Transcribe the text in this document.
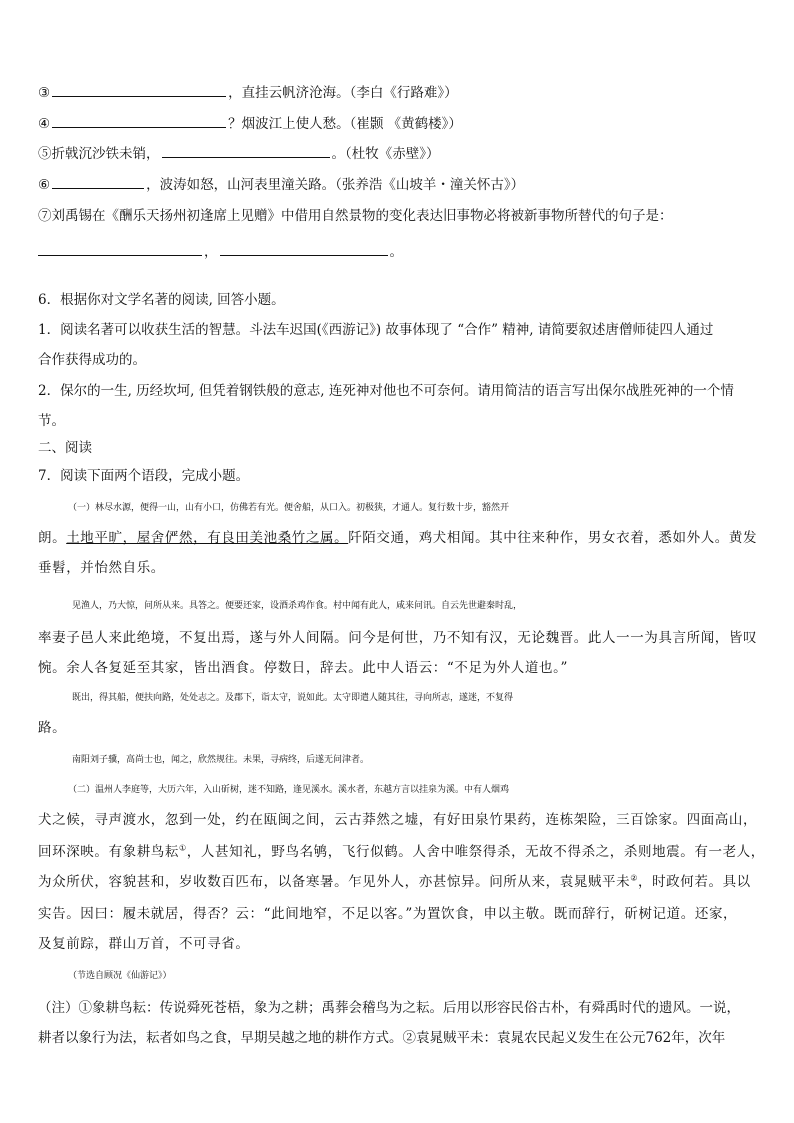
③	，直挂云帆济沧海。（李白《行路难》）
④	？烟波江上使人愁。（崔颢 《黄鹤楼》）
⑤折戟沉沙铁未销，	。（杜牧《赤壁》）
⑥	，波涛如怒，山河表里潼关路。（张养浩《山坡羊・潼关怀古》）
⑦刘禹锡在《酬乐天扬州初逢席上见赠》中借用自然景物的变化表达旧事物必将被新事物所替代的句子是：
，	。
6．根据你对文学名著的阅读, 回答小题。
1．阅读名著可以收获生活的智慧。斗法车迟国(《西游记》) 故事体现了 “合作” 精神, 请简要叙述唐僧师徒四人通过
合作获得成功的。
2．保尔的一生, 历经坎坷, 但凭着钢铁般的意志, 连死神对他也不可奈何。请用简洁的语言写出保尔战胜死神的一个情
节。
二、阅读
7．阅读下面两个语段，完成小题。
（一）林尽水源，便得一山，山有小口，仿佛若有光。便舍船，从口入。初极狭，才通人。复行数十步，豁然开
朗。土地平旷，屋舍俨然，有良田美池桑竹之属。阡陌交通，鸡犬相闻。其中往来种作，男女衣着，悉如外人。黄发
垂髫，并怡然自乐。
见渔人，乃大惊，问所从来。具答之。便要还家，设酒杀鸡作食。村中闻有此人，咸来问讯。自云先世避秦时乱，
率妻子邑人来此绝境，不复出焉，遂与外人间隔。问今是何世，乃不知有汉，无论魏晋。此人一一为具言所闻，皆叹
惋。余人各复延至其家，皆出酒食。停数日，辞去。此中人语云：“不足为外人道也。”
既出，得其船，便扶向路，处处志之。及郡下，诣太守，说如此。太守即遣人随其往，寻向所志，遂迷，不复得
路。
南阳刘子骥，高尚士也，闻之，欣然规往。未果，寻病终，后遂无问津者。
（二）温州人李庭等，大历六年，入山斫树，迷不知路，逢见溪水。溪水者，东越方言以挂泉为溪。中有人烟鸡
犬之候，寻声渡水，忽到一处，约在瓯闽之间，云古莽然之墟，有好田泉竹果药，连栋架险，三百馀家。四面高山，
回环深映。有象耕鸟耘①，人甚知礼，野鸟名鸲，飞行似鹤。人舍中唯祭得杀，无故不得杀之，杀则地震。有一老人，
为众所伏，容貌甚和，岁收数百匹布，以备寒暑。乍见外人，亦甚惊异。问所从来，袁晁贼平未②，时政何若。具以
实告。因曰：履未就居，得否？云：“此间地窄，不足以客。”为置饮食，申以主敬。既而辞行，斫树记道。还家，
及复前踪，群山万首，不可寻省。
（节选自顾况《仙游记》）
（注）①象耕鸟耘：传说舜死苍梧，象为之耕；禹葬会稽鸟为之耘。后用以形容民俗古朴，有舜禹时代的遗风。一说，
耕者以象行为法，耘者如鸟之食，早期吴越之地的耕作方式。②袁晁贼平未：袁晁农民起义发生在公元762年，次年
